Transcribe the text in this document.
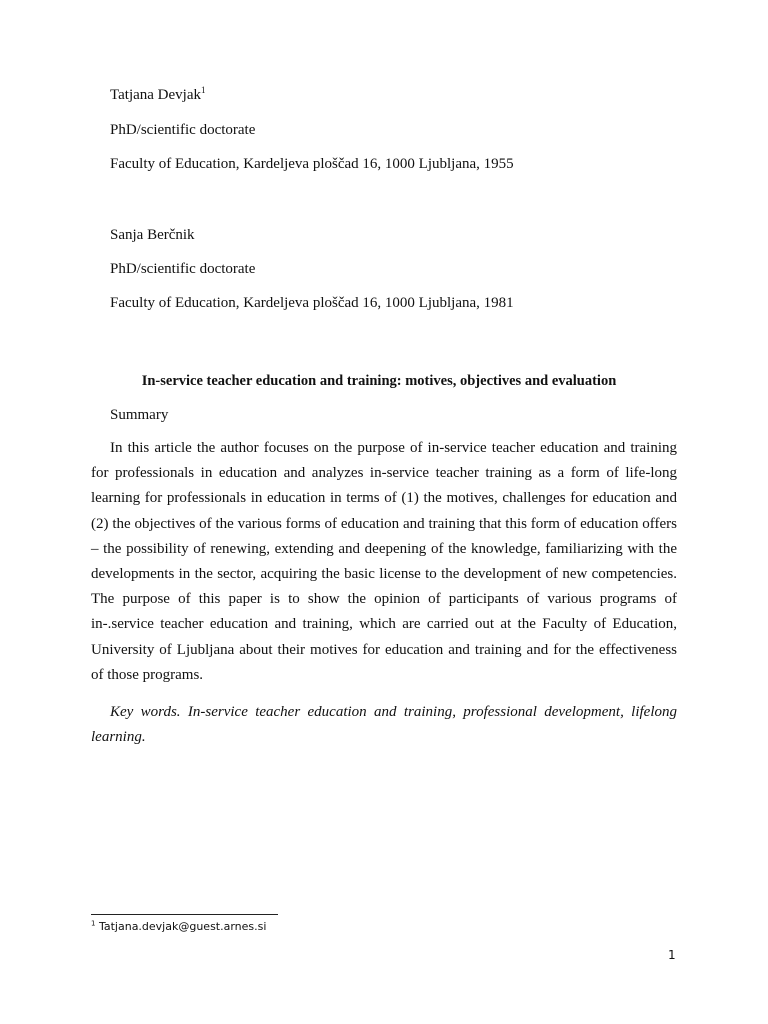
Tatjana Devjak$^1$
PhD/scientific doctorate
Faculty of Education, Kardeljeva ploščad 16, 1000 Ljubljana, 1955
Sanja Berčnik
PhD/scientific doctorate
Faculty of Education, Kardeljeva ploščad 16, 1000 Ljubljana, 1981
In-service teacher education and training: motives, objectives and evaluation
Summary

In this article the author focuses on the purpose of in-service teacher education and training for professionals in education and analyzes in-service teacher training as a form of life-long learning for professionals in education in terms of (1) the motives, challenges for education and (2) the objectives of the various forms of education and training that this form of education offers – the possibility of renewing, extending and deepening of the knowledge, familiarizing with the developments in the sector, acquiring the basic license to the development of new competencies. The purpose of this paper is to show the opinion of participants of various programs of in-.service teacher education and training, which are carried out at the Faculty of Education, University of Ljubljana about their motives for education and training and for the effectiveness of those programs.

Key words. In-service teacher education and training, professional development, lifelong learning.

$^1$ Tatjana.devjak@guest.arnes.si
1
